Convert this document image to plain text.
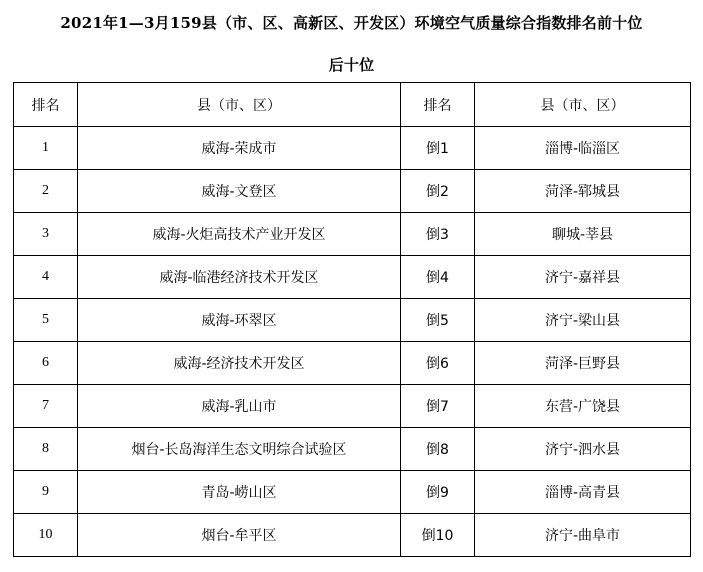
2021年1—3月159县（市、区、高新区、开发区）环境空气质量综合指数排名前十位
后十位
排名	县（市、区）	排名	县（市、区）
1	威海-荣成市	倒1	淄博-临淄区
2	威海-文登区	倒2	菏泽-郓城县
3	威海-火炬高技术产业开发区	倒3	聊城-莘县
4	威海-临港经济技术开发区	倒4	济宁-嘉祥县
5	威海-环翠区	倒5	济宁-梁山县
6	威海-经济技术开发区	倒6	菏泽-巨野县
7	威海-乳山市	倒7	东营-广饶县
8	烟台-长岛海洋生态文明综合试验区	倒8	济宁-泗水县
9	青岛-崂山区	倒9	淄博-高青县
10	烟台-牟平区	倒10	济宁-曲阜市
